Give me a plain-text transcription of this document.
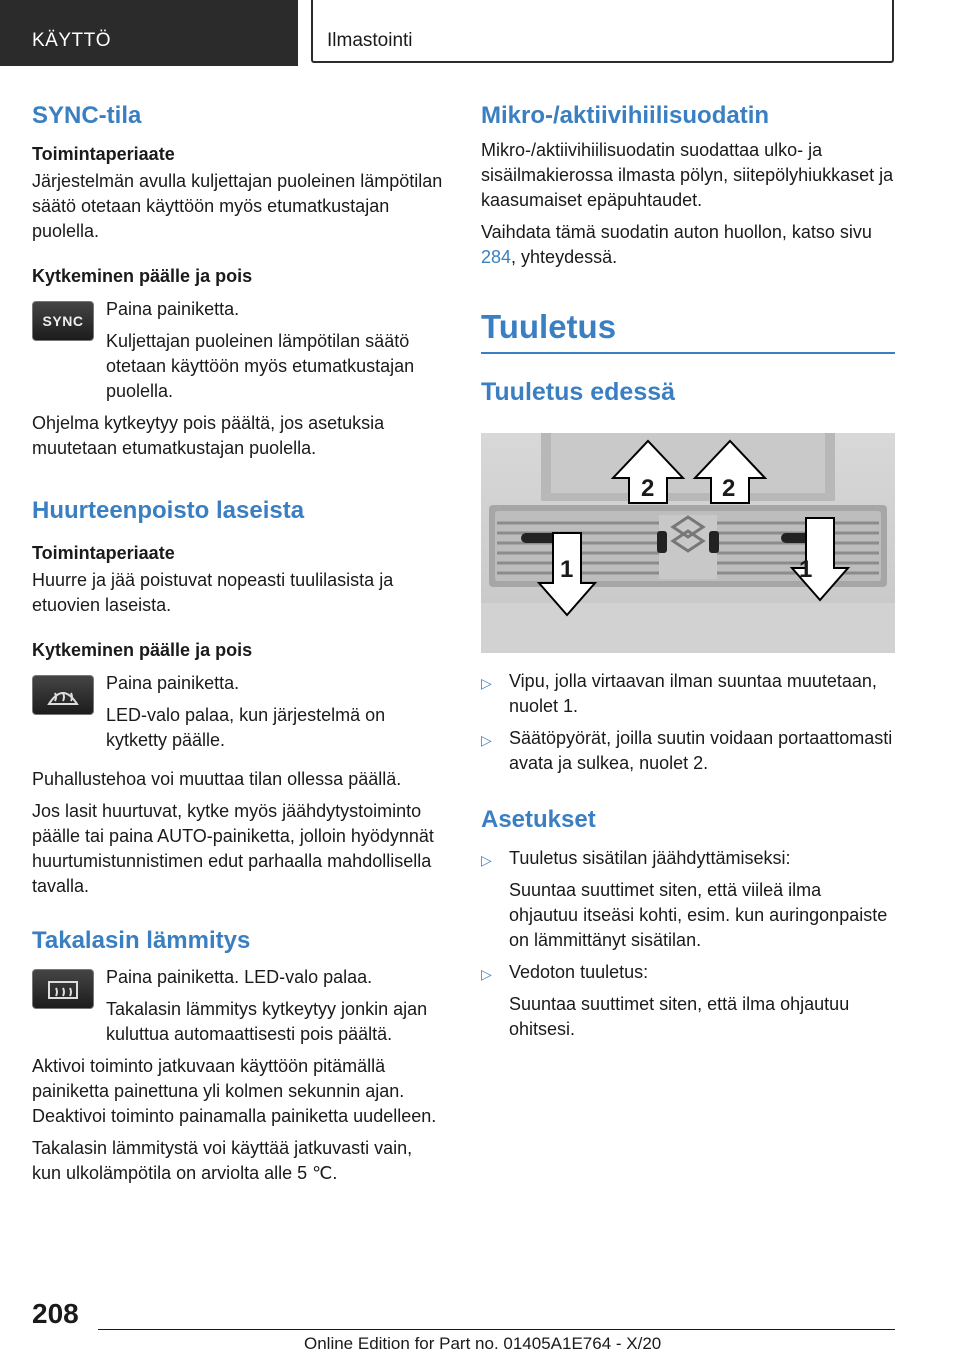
KÄYTTÖ	Ilmastointi
SYNC-tila
Toimintaperiaate

Järjestelmän avulla kuljettajan puoleinen lämpötilan säätö otetaan käyttöön myös etumatkustajan puolella.

Kytkeminen päälle ja pois
SYNC

Paina painiketta.

Kuljettajan puoleinen lämpötilan säätö otetaan käyttöön myös etumatkustajan puolella.

Ohjelma kytkeytyy pois päältä, jos asetuksia muutetaan etumatkustajan puolella.

Huurteenpoisto laseista
Toimintaperiaate

Huurre ja jää poistuvat nopeasti tuulilasista ja etuovien laseista.

Kytkeminen päälle ja pois

Paina painiketta.

LED-valo palaa, kun järjestelmä on kytketty päälle.

Puhallustehoa voi muuttaa tilan ollessa päällä.

Jos lasit huurtuvat, kytke myös jäähdytystoiminto päälle tai paina AUTO-painiketta, jolloin hyödynnät huurtumistunnistimen edut parhaalla mahdollisella tavalla.

Takalasin lämmitys

Paina painiketta. LED-valo palaa.

Takalasin lämmitys kytkeytyy jonkin ajan kuluttua automaattisesti pois päältä.

Aktivoi toiminto jatkuvaan käyttöön pitämällä painiketta painettuna yli kolmen sekunnin ajan. Deaktivoi toiminto painamalla painiketta uudelleen.

Takalasin lämmitystä voi käyttää jatkuvasti vain, kun ulkolämpötila on arviolta alle 5 ℃.

Mikro-/aktiivihiilisuodatin

Mikro-/aktiivihiilisuodatin suodattaa ulko- ja sisäilmakierossa ilmasta pölyn, siitepölyhiukkaset ja kaasumaiset epäpuhtaudet.

Vaihdata tämä suodatin auton huollon, katso sivu 284, yhteydessä.

Tuuletus
Tuuletus edessä
2	2
1	1
▷ Vipu, jolla virtaavan ilman suuntaa muutetaan, nuolet 1.
▷ Säätöpyörät, joilla suutin voidaan portaattomasti avata ja sulkea, nuolet 2.
Asetukset
▷ Tuuletus sisätilan jäähdyttämiseksi:

Suuntaa suuttimet siten, että viileä ilma ohjautuu itseäsi kohti, esim. kun auringonpaiste on lämmittänyt sisätilan.

▷ Vedoton tuuletus:

Suuntaa suuttimet siten, että ilma ohjautuu ohitsesi.

208
Online Edition for Part no. 01405A1E764 - X/20
